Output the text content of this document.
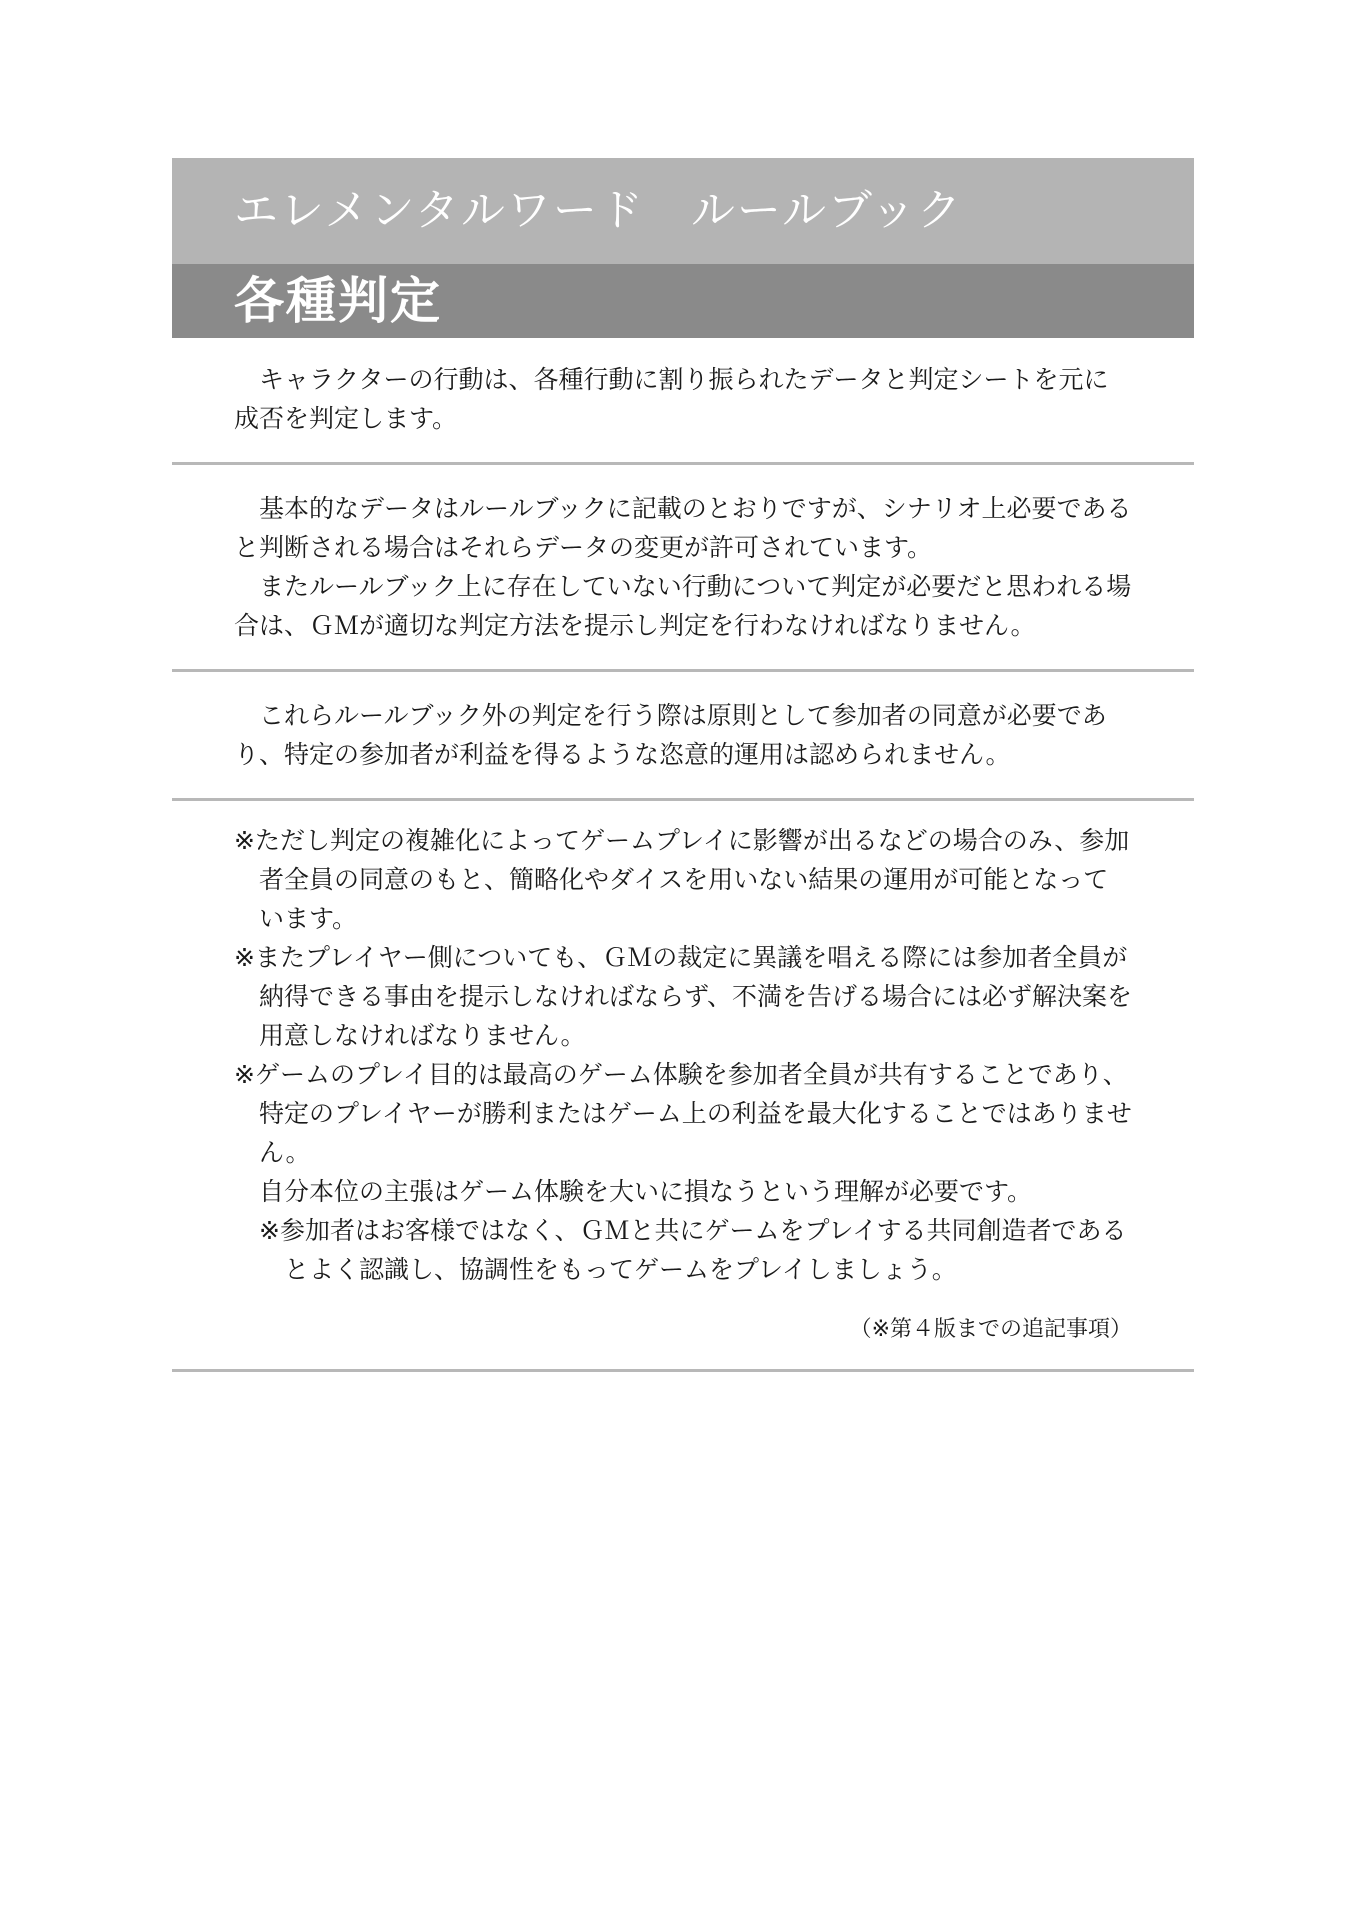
エレメンタルワード　ルールブック
各種判定

キャラクターの行動は、各種行動に割り振られたデータと判定シートを元に成否を判定します。

基本的なデータはルールブックに記載のとおりですが、シナリオ上必要であると判断される場合はそれらデータの変更が許可されています。

またルールブック上に存在していない行動について判定が必要だと思われる場合は、ＧＭが適切な判定方法を提示し判定を行わなければなりません。

これらルールブック外の判定を行う際は原則として参加者の同意が必要であり、特定の参加者が利益を得るような恣意的運用は認められません。

※ただし判定の複雑化によってゲームプレイに影響が出るなどの場合のみ、参加者全員の同意のもと、簡略化やダイスを用いない結果の運用が可能となっています。

※またプレイヤー側についても、ＧＭの裁定に異議を唱える際には参加者全員が納得できる事由を提示しなければならず、不満を告げる場合には必ず解決案を用意しなければなりません。

※ゲームのプレイ目的は最高のゲーム体験を参加者全員が共有することであり、特定のプレイヤーが勝利またはゲーム上の利益を最大化することではありません。

自分本位の主張はゲーム体験を大いに損なうという理解が必要です。

※参加者はお客様ではなく、ＧＭと共にゲームをプレイする共同創造者であるとよく認識し、協調性をもってゲームをプレイしましょう。

（※第４版までの追記事項）
